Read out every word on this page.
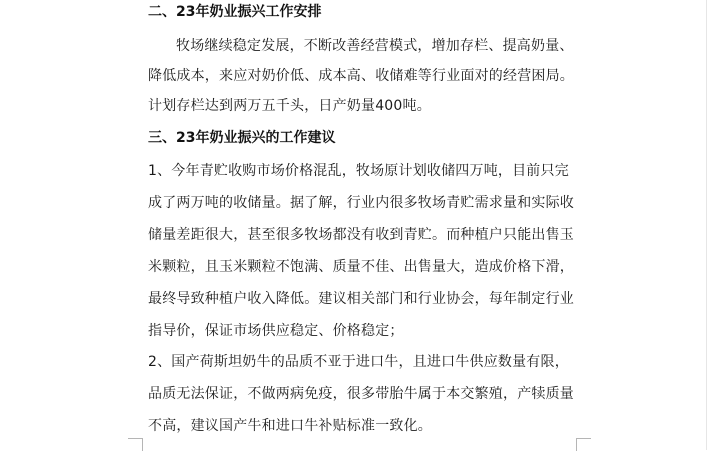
二、23年奶业振兴工作安排
牧场继续稳定发展，不断改善经营模式，增加存栏、提高奶量、
降低成本，来应对奶价低、成本高、收储难等行业面对的经营困局。
计划存栏达到两万五千头，日产奶量400吨。
三、23年奶业振兴的工作建议
1、今年青贮收购市场价格混乱，牧场原计划收储四万吨，目前只完
成了两万吨的收储量。据了解，行业内很多牧场青贮需求量和实际收
储量差距很大，甚至很多牧场都没有收到青贮。而种植户只能出售玉
米颗粒，且玉米颗粒不饱满、质量不佳、出售量大，造成价格下滑，
最终导致种植户收入降低。建议相关部门和行业协会，每年制定行业
指导价，保证市场供应稳定、价格稳定；
2、国产荷斯坦奶牛的品质不亚于进口牛，且进口牛供应数量有限，
品质无法保证，不做两病免疫，很多带胎牛属于本交繁殖，产犊质量
不高，建议国产牛和进口牛补贴标准一致化。
